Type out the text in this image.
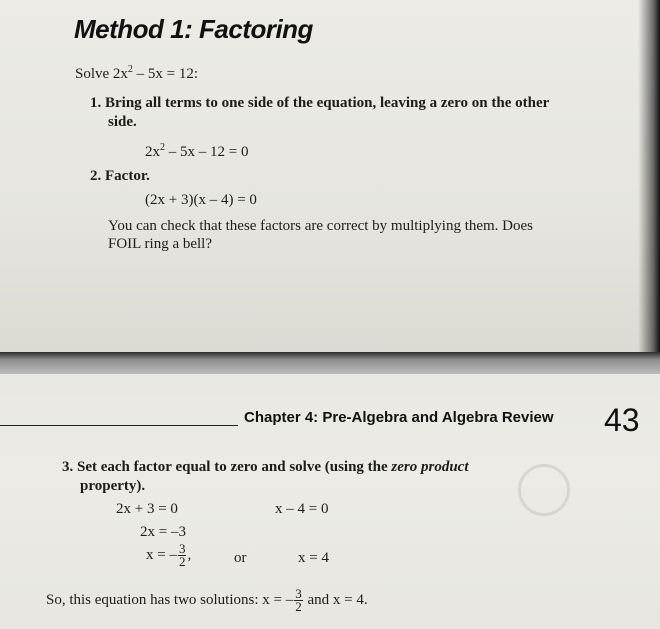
Method 1: Factoring
Solve $2x^2 - 5x = 12$:
1. Bring all terms to one side of the equation, leaving a zero on the other
side.
$2x^2 - 5x - 12 = 0$
2. Factor.
(2x + 3)(x – 4) = 0
You can check that these factors are correct by multiplying them. Does
FOIL ring a bell?
Chapter 4: Pre-Algebra and Algebra Review 43
3. Set each factor equal to zero and solve (using the zero product
property).
2x + 3 = 0
2x = –3
x = – $\frac{3}{2}$ ,	or
x – 4 = 0
x = 4
So, this equation has two solutions: x = – $\frac{3}{2}$ and x = 4.
